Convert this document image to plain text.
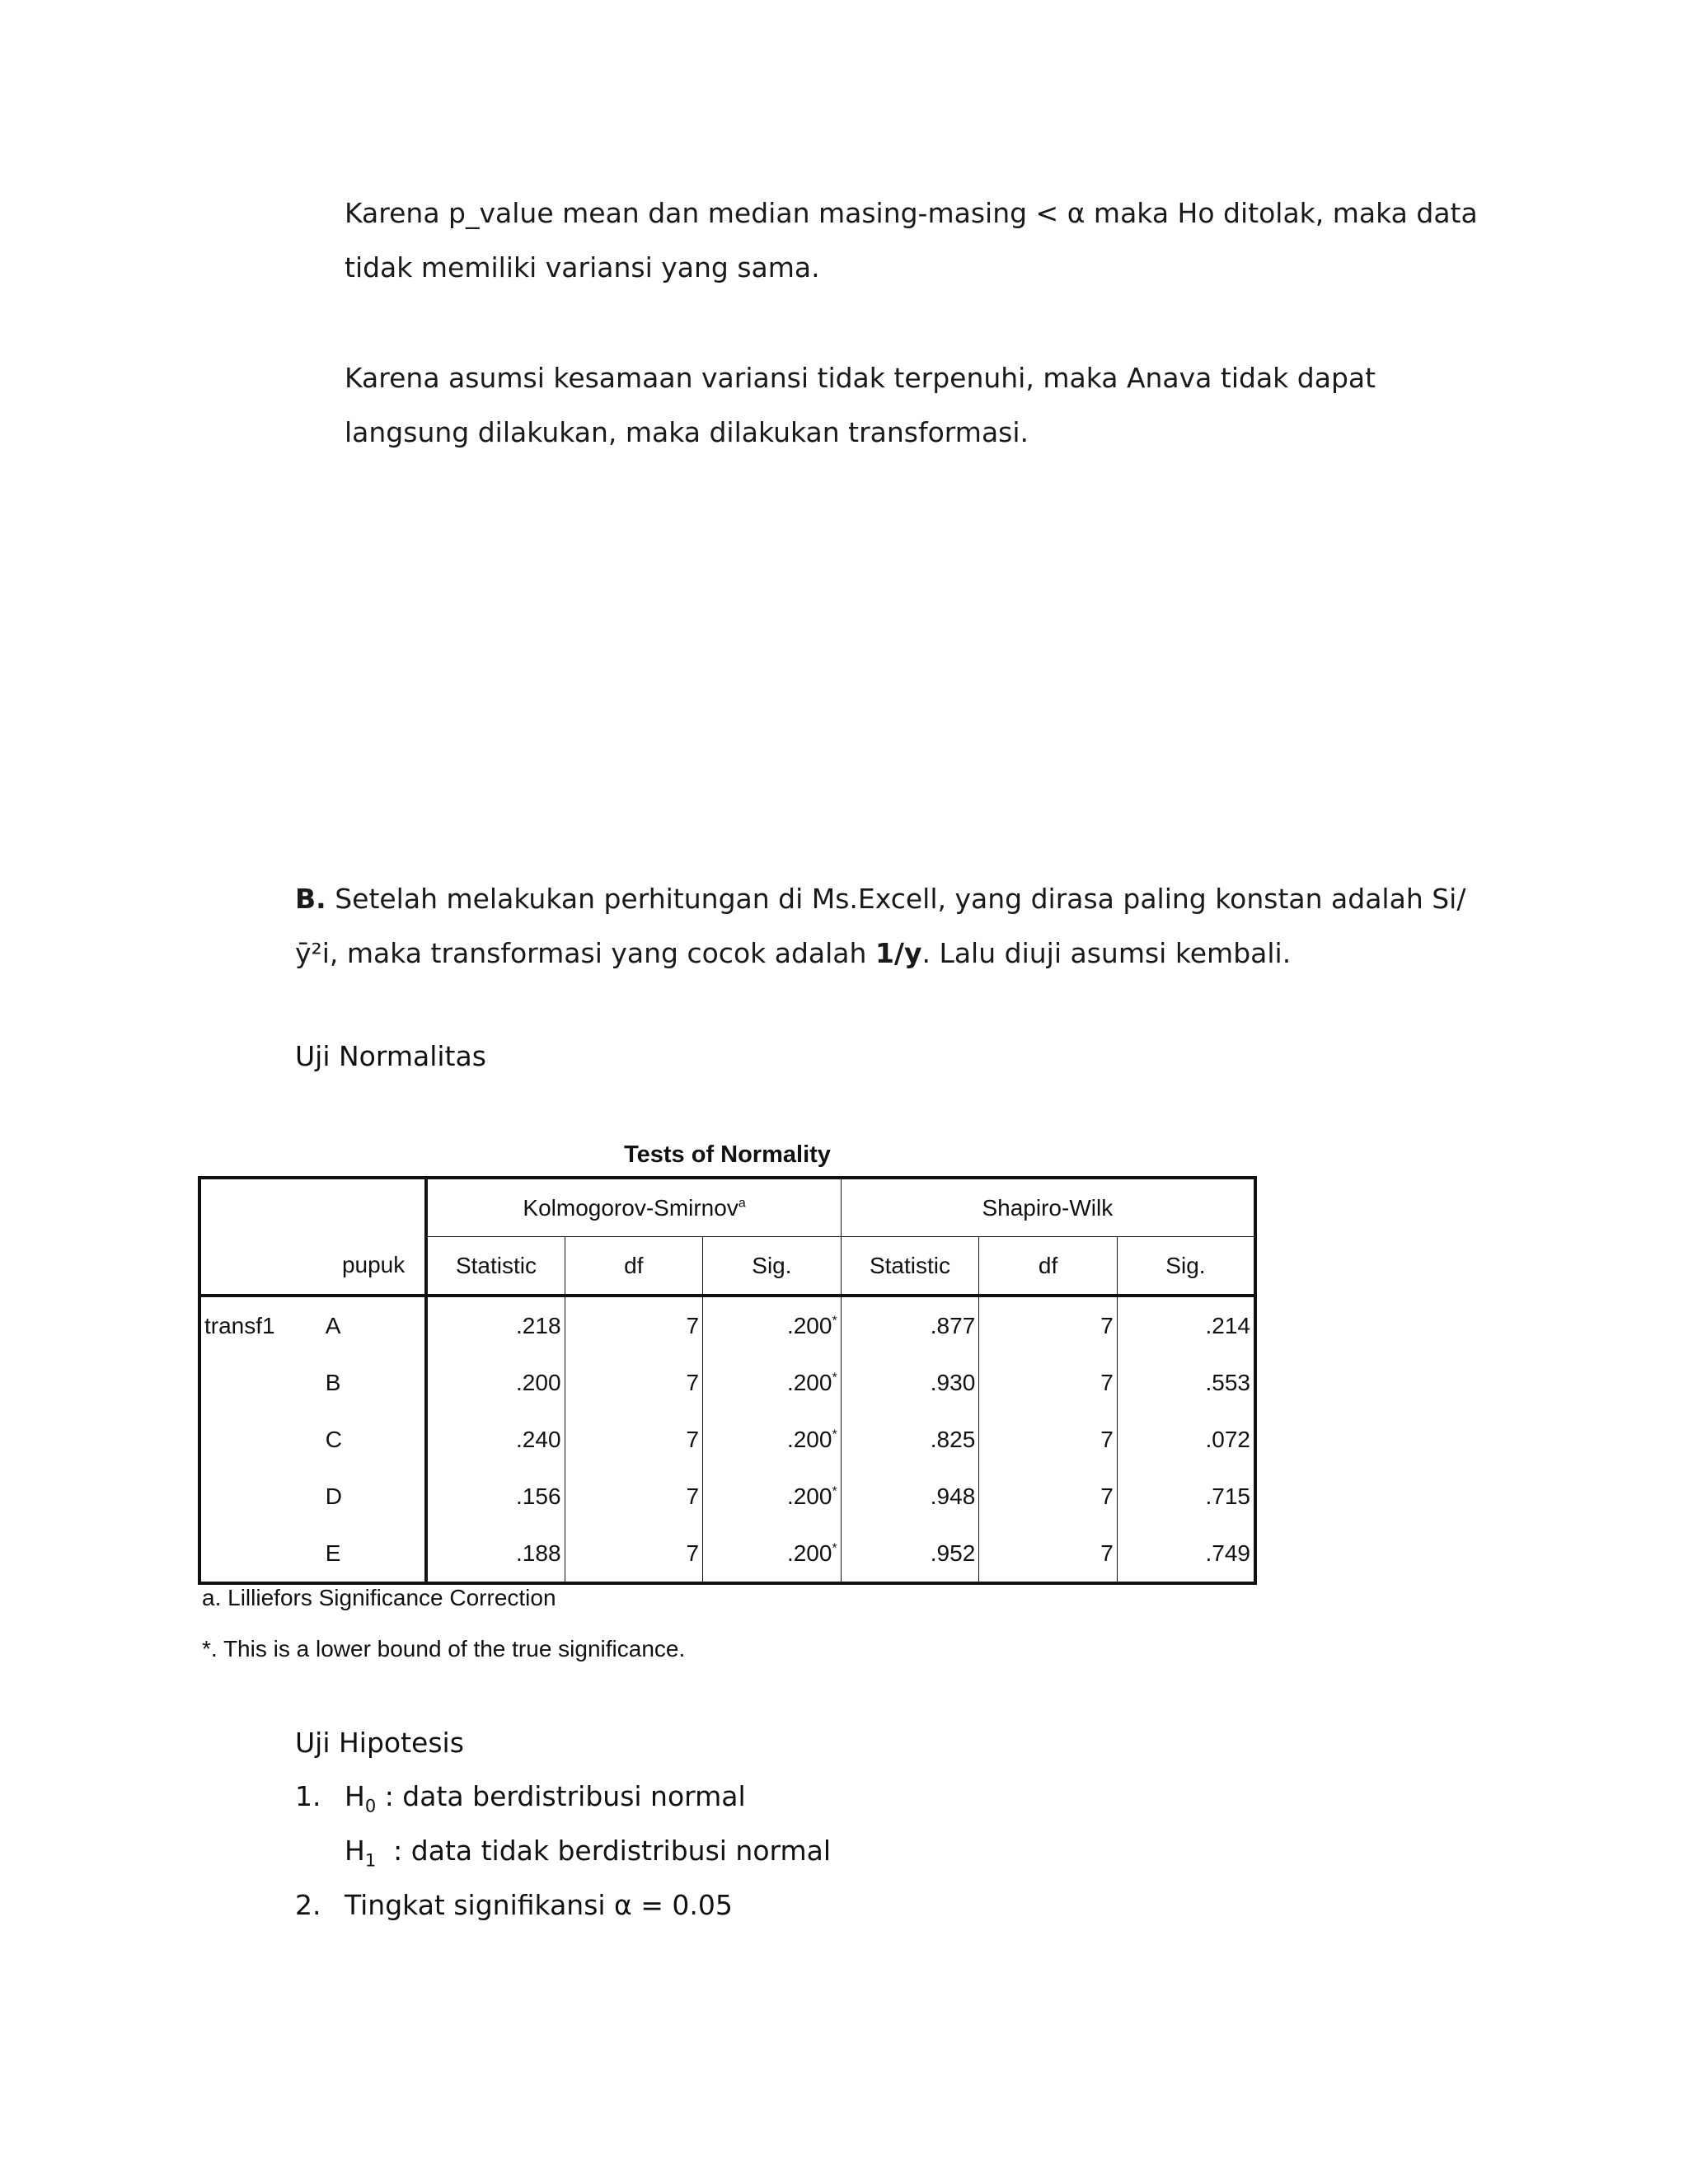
Karena p_value mean dan median masing-masing < α maka Ho ditolak, maka data tidak memiliki variansi yang sama.

Karena asumsi kesamaan variansi tidak terpenuhi, maka Anava tidak dapat langsung dilakukan, maka dilakukan transformasi.

B. Setelah melakukan perhitungan di Ms.Excell, yang dirasa paling konstan adalah Si/ȳ²i, maka transformasi yang cocok adalah 1/y. Lalu diuji asumsi kembali.

Uji Normalitas
Tests of Normality
		Kolmogorov-Smirnov$^a$			Shapiro-Wilk		
	pupuk	Statistic	df	Sig.	Statistic	df	Sig.
transf1	A	.218	7	.200*	.877	7	.214
	B	.200	7	.200*	.930	7	.553
	C	.240	7	.200*	.825	7	.072
	D	.156	7	.200*	.948	7	.715
	E	.188	7	.200*	.952	7	.749
a. Lilliefors Significance Correction
*. This is a lower bound of the true significance.
Uji Hipotesis
1. $H_0$ : data berdistribusi normal
$H_1$  : data tidak berdistribusi normal
2. Tingkat signifikansi α = 0.05
